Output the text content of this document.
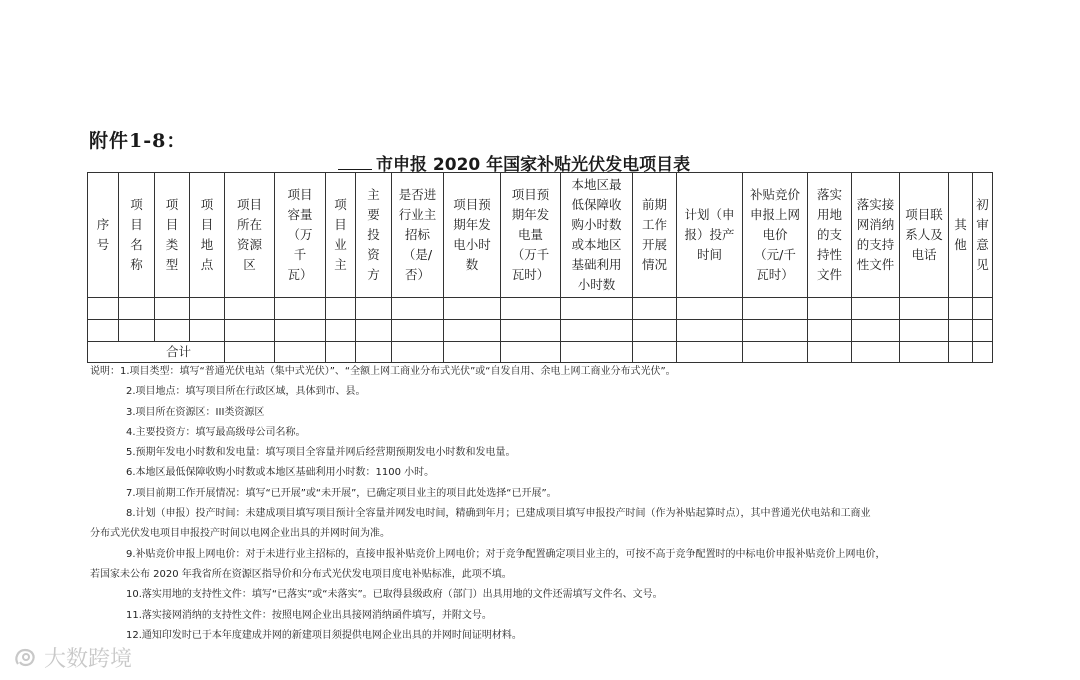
附件1-8：
市申报 2020 年国家补贴光伏发电项目表
序号	项目名称	项目类型	项目地点	项目所在资源区	项目容量（万千瓦）	项目业主	主要投资方	是否进行业主招标（是/否）	项目预期年发电小时数	项目预期年发电量（万千瓦时）	本地区最低保障收购小时数或本地区基础利用小时数	前期工作开展情况	计划（申报）投产时间	补贴竞价申报上网电价（元/千瓦时）	落实用地的支持性文件	落实接网消纳的支持性文件	项目联系人及电话	其他	初审意见

合计																			
说明：1.项目类型：填写“普通光伏电站（集中式光伏）”、“全额上网工商业分布式光伏”或“自发自用、余电上网工商业分布式光伏”。
2.项目地点：填写项目所在行政区域，具体到市、县。
3.项目所在资源区：III类资源区
4.主要投资方：填写最高级母公司名称。
5.预期年发电小时数和发电量：填写项目全容量并网后经营期预期发电小时数和发电量。
6.本地区最低保障收购小时数或本地区基础利用小时数：1100 小时。
7.项目前期工作开展情况：填写“已开展”或“未开展”，已确定项目业主的项目此处选择“已开展”。
8.计划（申报）投产时间：未建成项目填写项目预计全容量并网发电时间，精确到年月；已建成项目填写申报投产时间（作为补贴起算时点），其中普通光伏电站和工商业
分布式光伏发电项目申报投产时间以电网企业出具的并网时间为准。
9.补贴竞价申报上网电价：对于未进行业主招标的，直接申报补贴竞价上网电价；对于竞争配置确定项目业主的，可按不高于竞争配置时的中标电价申报补贴竞价上网电价，
若国家未公布 2020 年我省所在资源区指导价和分布式光伏发电项目度电补贴标准，此项不填。
10.落实用地的支持性文件：填写“已落实”或“未落实”。已取得县级政府（部门）出具用地的文件还需填写文件名、文号。
11.落实接网消纳的支持性文件：按照电网企业出具接网消纳函件填写，并附文号。
12.通知印发时已于本年度建成并网的新建项目须提供电网企业出具的并网时间证明材料。
大数跨境
